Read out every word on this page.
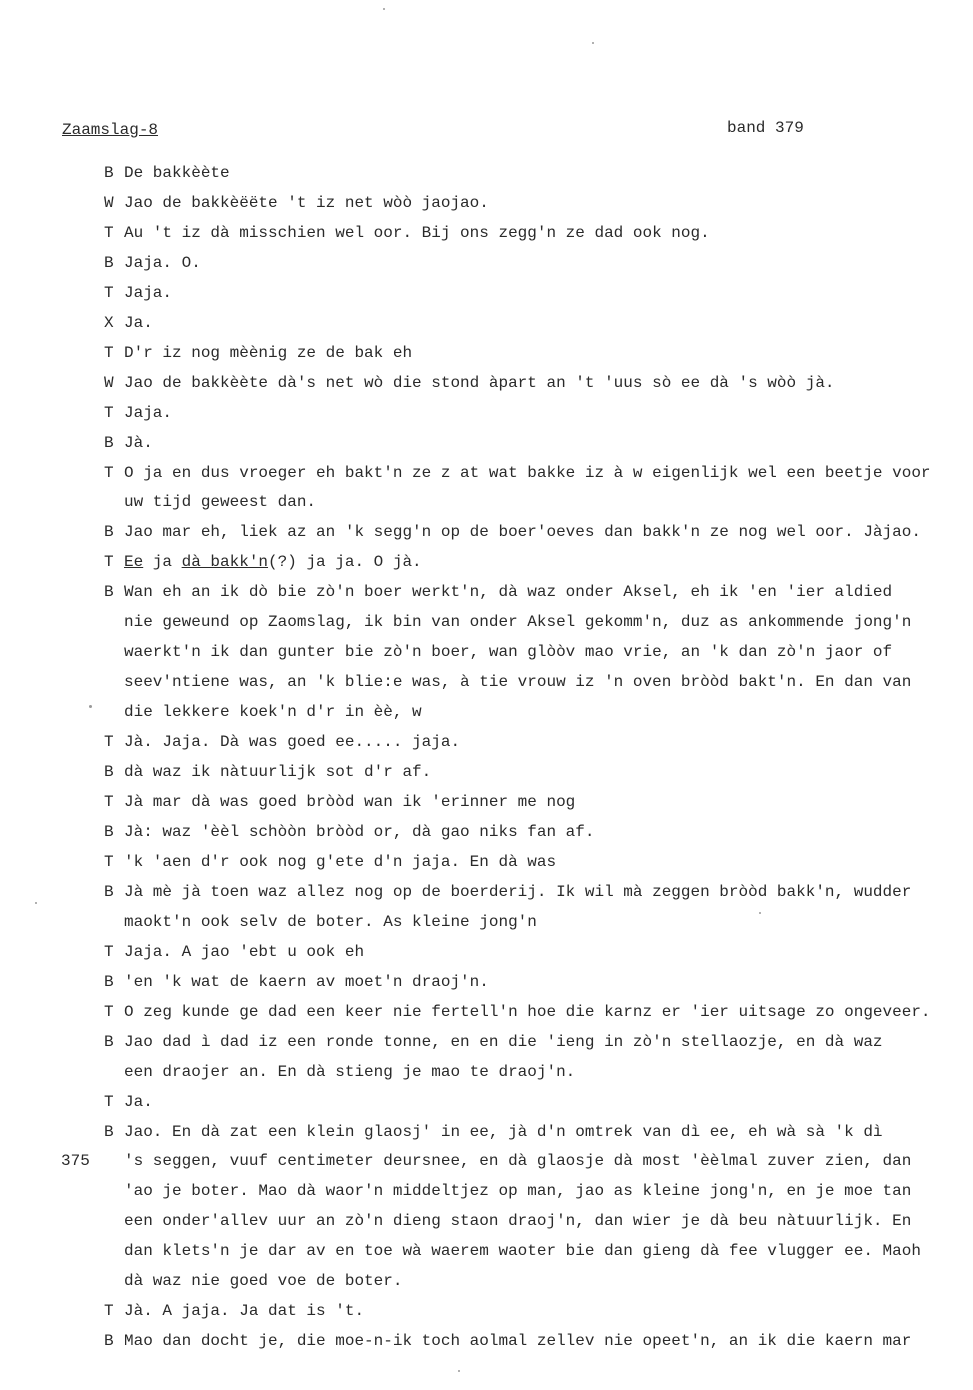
Zaamslag-8	band 379
B De bakkèète
W Jao de bakkèëëte 't iz net wòò jaojao.
T Au 't iz dà misschien wel oor. Bij ons zegg'n ze dad ook nog.
B Jaja. O.
T Jaja.
X Ja.
T D'r iz nog mèènig ze de bak eh
W Jao de bakkèète dà's net wò die stond àpart an 't 'uus sò ee dà 's wòò jà.
T Jaja.
B Jà.
T O ja en dus vroeger eh bakt'n ze z at wat bakke iz à w eigenlijk wel een beetje voor
uw tijd geweest dan.
B Jao mar eh, liek az an 'k segg'n op de boer'oeves dan bakk'n ze nog wel oor. Jàjao.
T Ee ja dà bakk'n(?) ja ja. O jà.
B Wan eh an ik dò bie zò'n boer werkt'n, dà waz onder Aksel, eh ik 'en 'ier aldied
nie geweund op Zaomslag, ik bin van onder Aksel gekomm'n, duz as ankommende jong'n
waerkt'n ik dan gunter bie zò'n boer, wan glòòv mao vrie, an 'k dan zò'n jaor of
seev'ntiene was, an 'k blie:e was, à tie vrouw iz 'n oven bròòd bakt'n. En dan van
die lekkere koek'n d'r in èè, w
T Jà. Jaja. Dà was goed ee..... jaja.
B dà waz ik nàtuurlijk sot d'r af.
T Jà mar dà was goed bròòd wan ik 'erinner me nog
B Jà: waz 'èèl schòòn bròòd or, dà gao niks fan af.
T 'k 'aen d'r ook nog g'ete d'n jaja. En dà was
B Jà mè jà toen waz allez nog op de boerderij. Ik wil mà zeggen bròòd bakk'n, wudder
maokt'n ook selv de boter. As kleine jong'n
T Jaja. A jao 'ebt u ook eh
B 'en 'k wat de kaern av moet'n draoj'n.
T O zeg kunde ge dad een keer nie fertell'n hoe die karnz er 'ier uitsage zo ongeveer.
B Jao dad ì dad iz een ronde tonne, en en die 'ieng in zò'n stellaozje, en dà waz
een draojer an. En dà stieng je mao te draoj'n.
T Ja.
B Jao. En dà zat een klein glaosj' in ee, jà d'n omtrek van dì ee, eh wà sà 'k dì
375 's seggen, vuuf centimeter deursnee, en dà glaosje dà most 'èèlmal zuver zien, dan
'ao je boter. Mao dà waor'n middeltjez op man, jao as kleine jong'n, en je moe tan
een onder'allev uur an zò'n dieng staon draoj'n, dan wier je dà beu nàtuurlijk. En
dan klets'n je dar av en toe wà waerem waoter bie dan gieng dà fee vlugger ee. Maoh
dà waz nie goed voe de boter.
T Jà. A jaja. Ja dat is 't.
B Mao dan docht je, die moe-n-ik toch aolmal zellev nie opeet'n, an ik die kaern mar
